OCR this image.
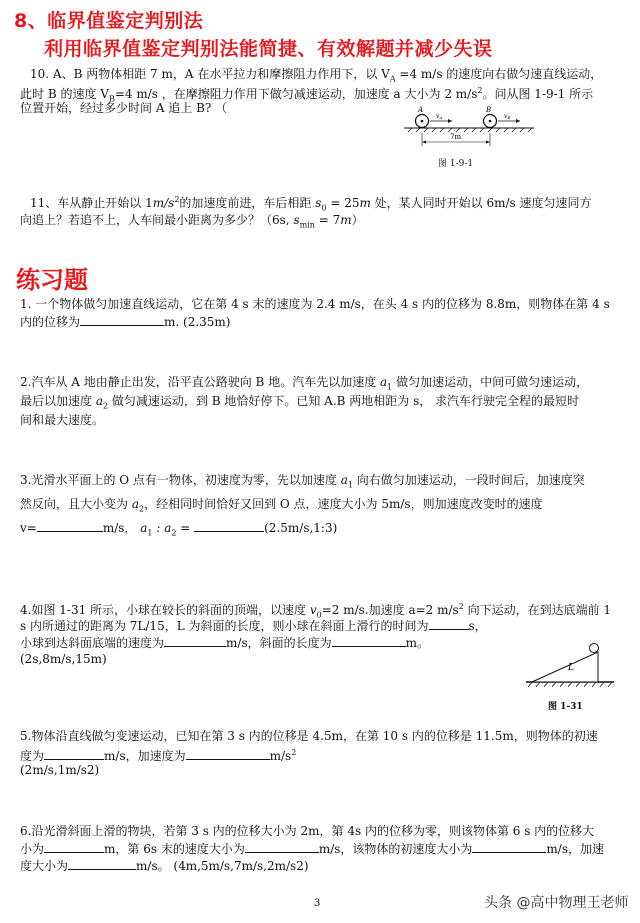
8、临界值鉴定判别法
利用临界值鉴定判别法能简捷、有效解题并减少失误
10. A、B 两物体相距 7 m，A 在水平拉力和摩擦阻力作用下，以 $V_A =4$ m/s 的速度向右做匀速直线运动，
此时 B 的速度 $V_B=4$ m/s ，在摩擦阻力作用下做匀减速运动，加速度 a 大小为 2 $m/s^2$。问从图 1-9-1 所示
位置开始，经过多少时间 A 追上 B? （	A	B
vA	vB
7m
图 1-9-1
11、车从静止开始以 $1m/s^2$的加速度前进，车后相距 $s_0 = 25m$ 处，某人同时开始以 6m/s 速度匀速同方
向追上？若追不上，人车间最小距离为多少？（6s, $s_{min} = 7m$）
练习题
1. 一个物体做匀加速直线运动，它在第 4 s 末的速度为 2.4 m/s，在头 4 s 内的位移为 8.8m，则物体在第 4 s
内的位移为	m. (2.35m)
2.汽车从 A 地由静止出发，沿平直公路驶向 B 地。汽车先以加速度 $a_1$ 做匀加速运动，中间可做匀速运动，
最后以加速度 $a_2$ 做匀减速运动，到 B 地恰好停下。已知 A.B 两地相距为 s， 求汽车行驶完全程的最短时
间和最大速度。
3.光滑水平面上的 O 点有一物体，初速度为零，先以加速度 $a_1$ 向右做匀加速运动，一段时间后，加速度突
然反向，且大小变为 $a_2$，经相同时间恰好又回到 O 点，速度大小为 5m/s，则加速度改变时的速度
v=	m/s， $a_1$ : $a_2$ =	(2.5m/s,1:3)
4.如图 1-31 所示，小球在较长的斜面的顶端，以速度 $v_0=2$ m/s.加速度 a=2 $m/s^2$ 向下运动，在到达底端前 1
s 内所通过的距离为 7L/15，L 为斜面的长度，则小球在斜面上滑行的时间为	s，
小球到达斜面底端的速度为	m/s，斜面的长度为	m。
(2s,8m/s,15m)
L
图 1-31
5.物体沿直线做匀变速运动，已知在第 3 s 内的位移是 4.5m，在第 10 s 内的位移是 11.5m，则物体的初速
度为	m/s，加速度为	$m/s^2$
(2m/s,1m/s2)
6.沿光滑斜面上滑的物块，若第 3 s 内的位移大小为 2m，第 4s 内的位移为零，则该物体第 6 s 内的位移大
小为	m，第 6s 末的速度大小为	m/s，该物体的初速度大小为	m/s，加速
度大小为	m/s。 (4m,5m/s,7m/s,2m/s2)
3	头条 @高中物理王老师
